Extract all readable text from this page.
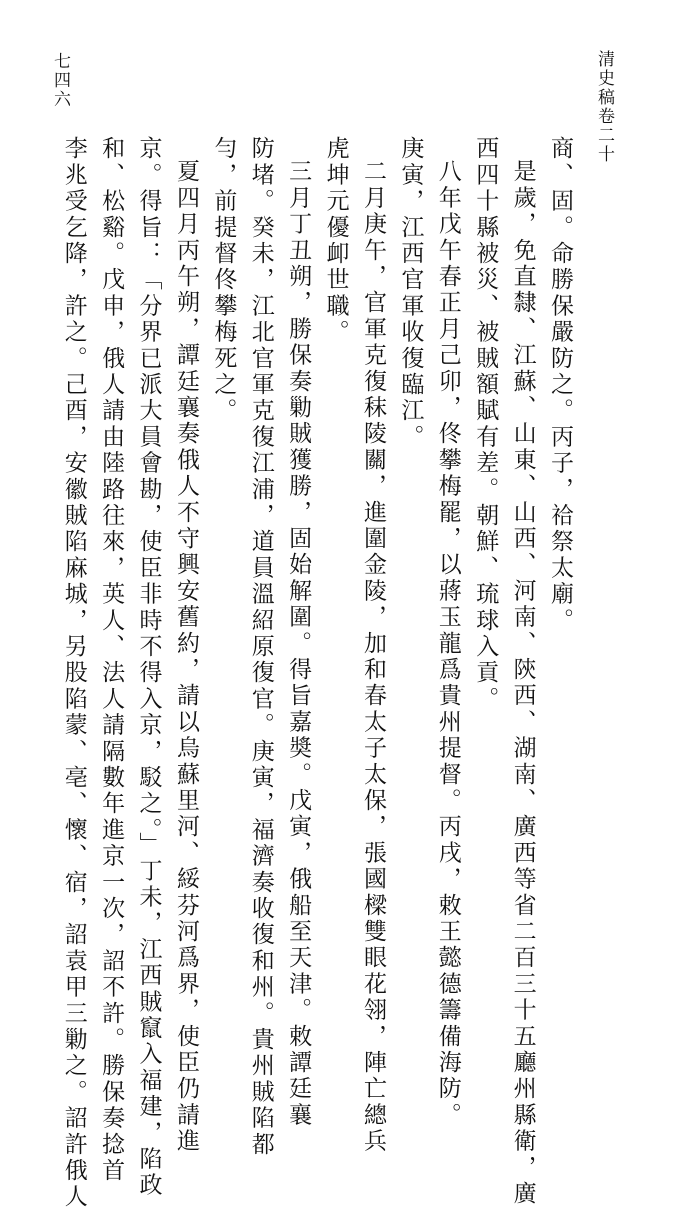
清史稿卷二十
七四六
商、固。命勝保嚴防之。丙子，祫祭太廟。
是歲，免直隸、江蘇、山東、山西、河南、陝西、湖南、廣西等省二百三十五廳州縣衛，廣
西四十縣被災、被賊額賦有差。朝鮮、琉球入貢。
八年戊午春正月己卯，佟攀梅罷，以蔣玉龍爲貴州提督。丙戌，敕王懿德籌備海防。
庚寅，江西官軍收復臨江。
二月庚午，官軍克復秣陵關，進圍金陵，加和春太子太保，張國樑雙眼花翎，陣亡總兵
虎坤元優卹世職。
三月丁丑朔，勝保奏勦賊獲勝，固始解圍。得旨嘉奬。戊寅，俄船至天津。敕譚廷襄
防堵。癸未，江北官軍克復江浦，道員溫紹原復官。庚寅，福濟奏收復和州。貴州賊陷都
勻，前提督佟攀梅死之。
夏四月丙午朔，譚廷襄奏俄人不守興安舊約，請以烏蘇里河、綏芬河爲界，使臣仍請進
京。得旨：「分界已派大員會勘，使臣非時不得入京，駁之。」丁未，江西賊竄入福建，陷政
和、松谿。戊申，俄人請由陸路往來，英人、法人請隔數年進京一次，詔不許。勝保奏捻首
李兆受乞降，許之。己酉，安徽賊陷麻城，另股陷蒙、亳、懷、宿，詔袁甲三勦之。詔許俄人
